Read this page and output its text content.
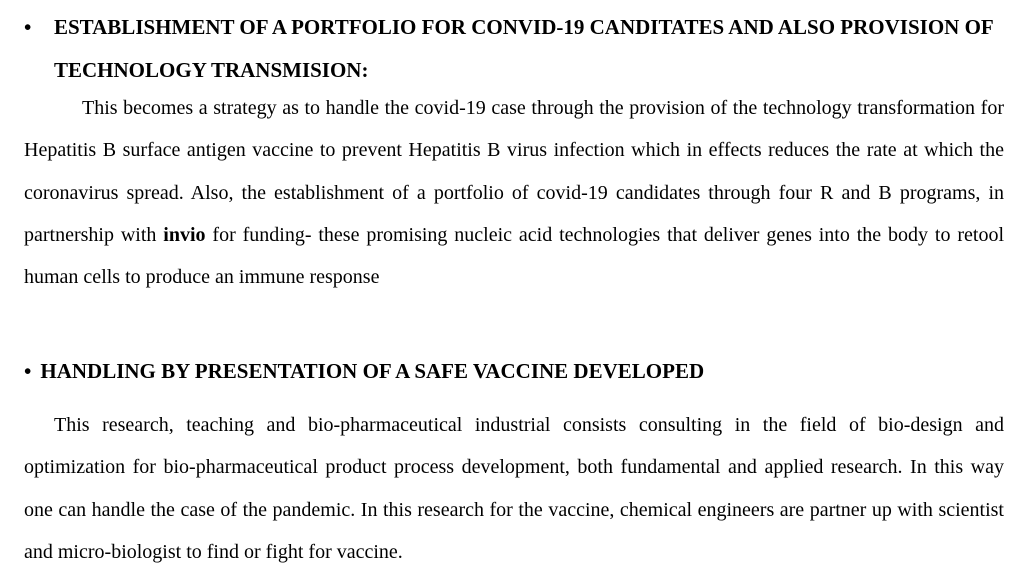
•	ESTABLISHMENT OF A PORTFOLIO FOR CONVID-19 CANDITATES AND ALSO PROVISION OF TECHNOLOGY TRANSMISION:
This becomes a strategy as to handle the covid-19 case through the provision of the technology transformation for Hepatitis B surface antigen vaccine to prevent Hepatitis B virus infection which in effects reduces the rate at which the coronavirus spread. Also, the establishment of a portfolio of covid-19 candidates through four R and B programs, in partnership with invio for funding- these promising nucleic acid technologies that deliver genes into the body to retool human cells to produce an immune response
• HANDLING BY PRESENTATION OF A SAFE VACCINE DEVELOPED
This research, teaching and bio-pharmaceutical industrial consists consulting in the field of bio-design and optimization for bio-pharmaceutical product process development, both fundamental and applied research. In this way one can handle the case of the pandemic. In this research for the vaccine, chemical engineers are partner up with scientist and micro-biologist to find or fight for vaccine.
